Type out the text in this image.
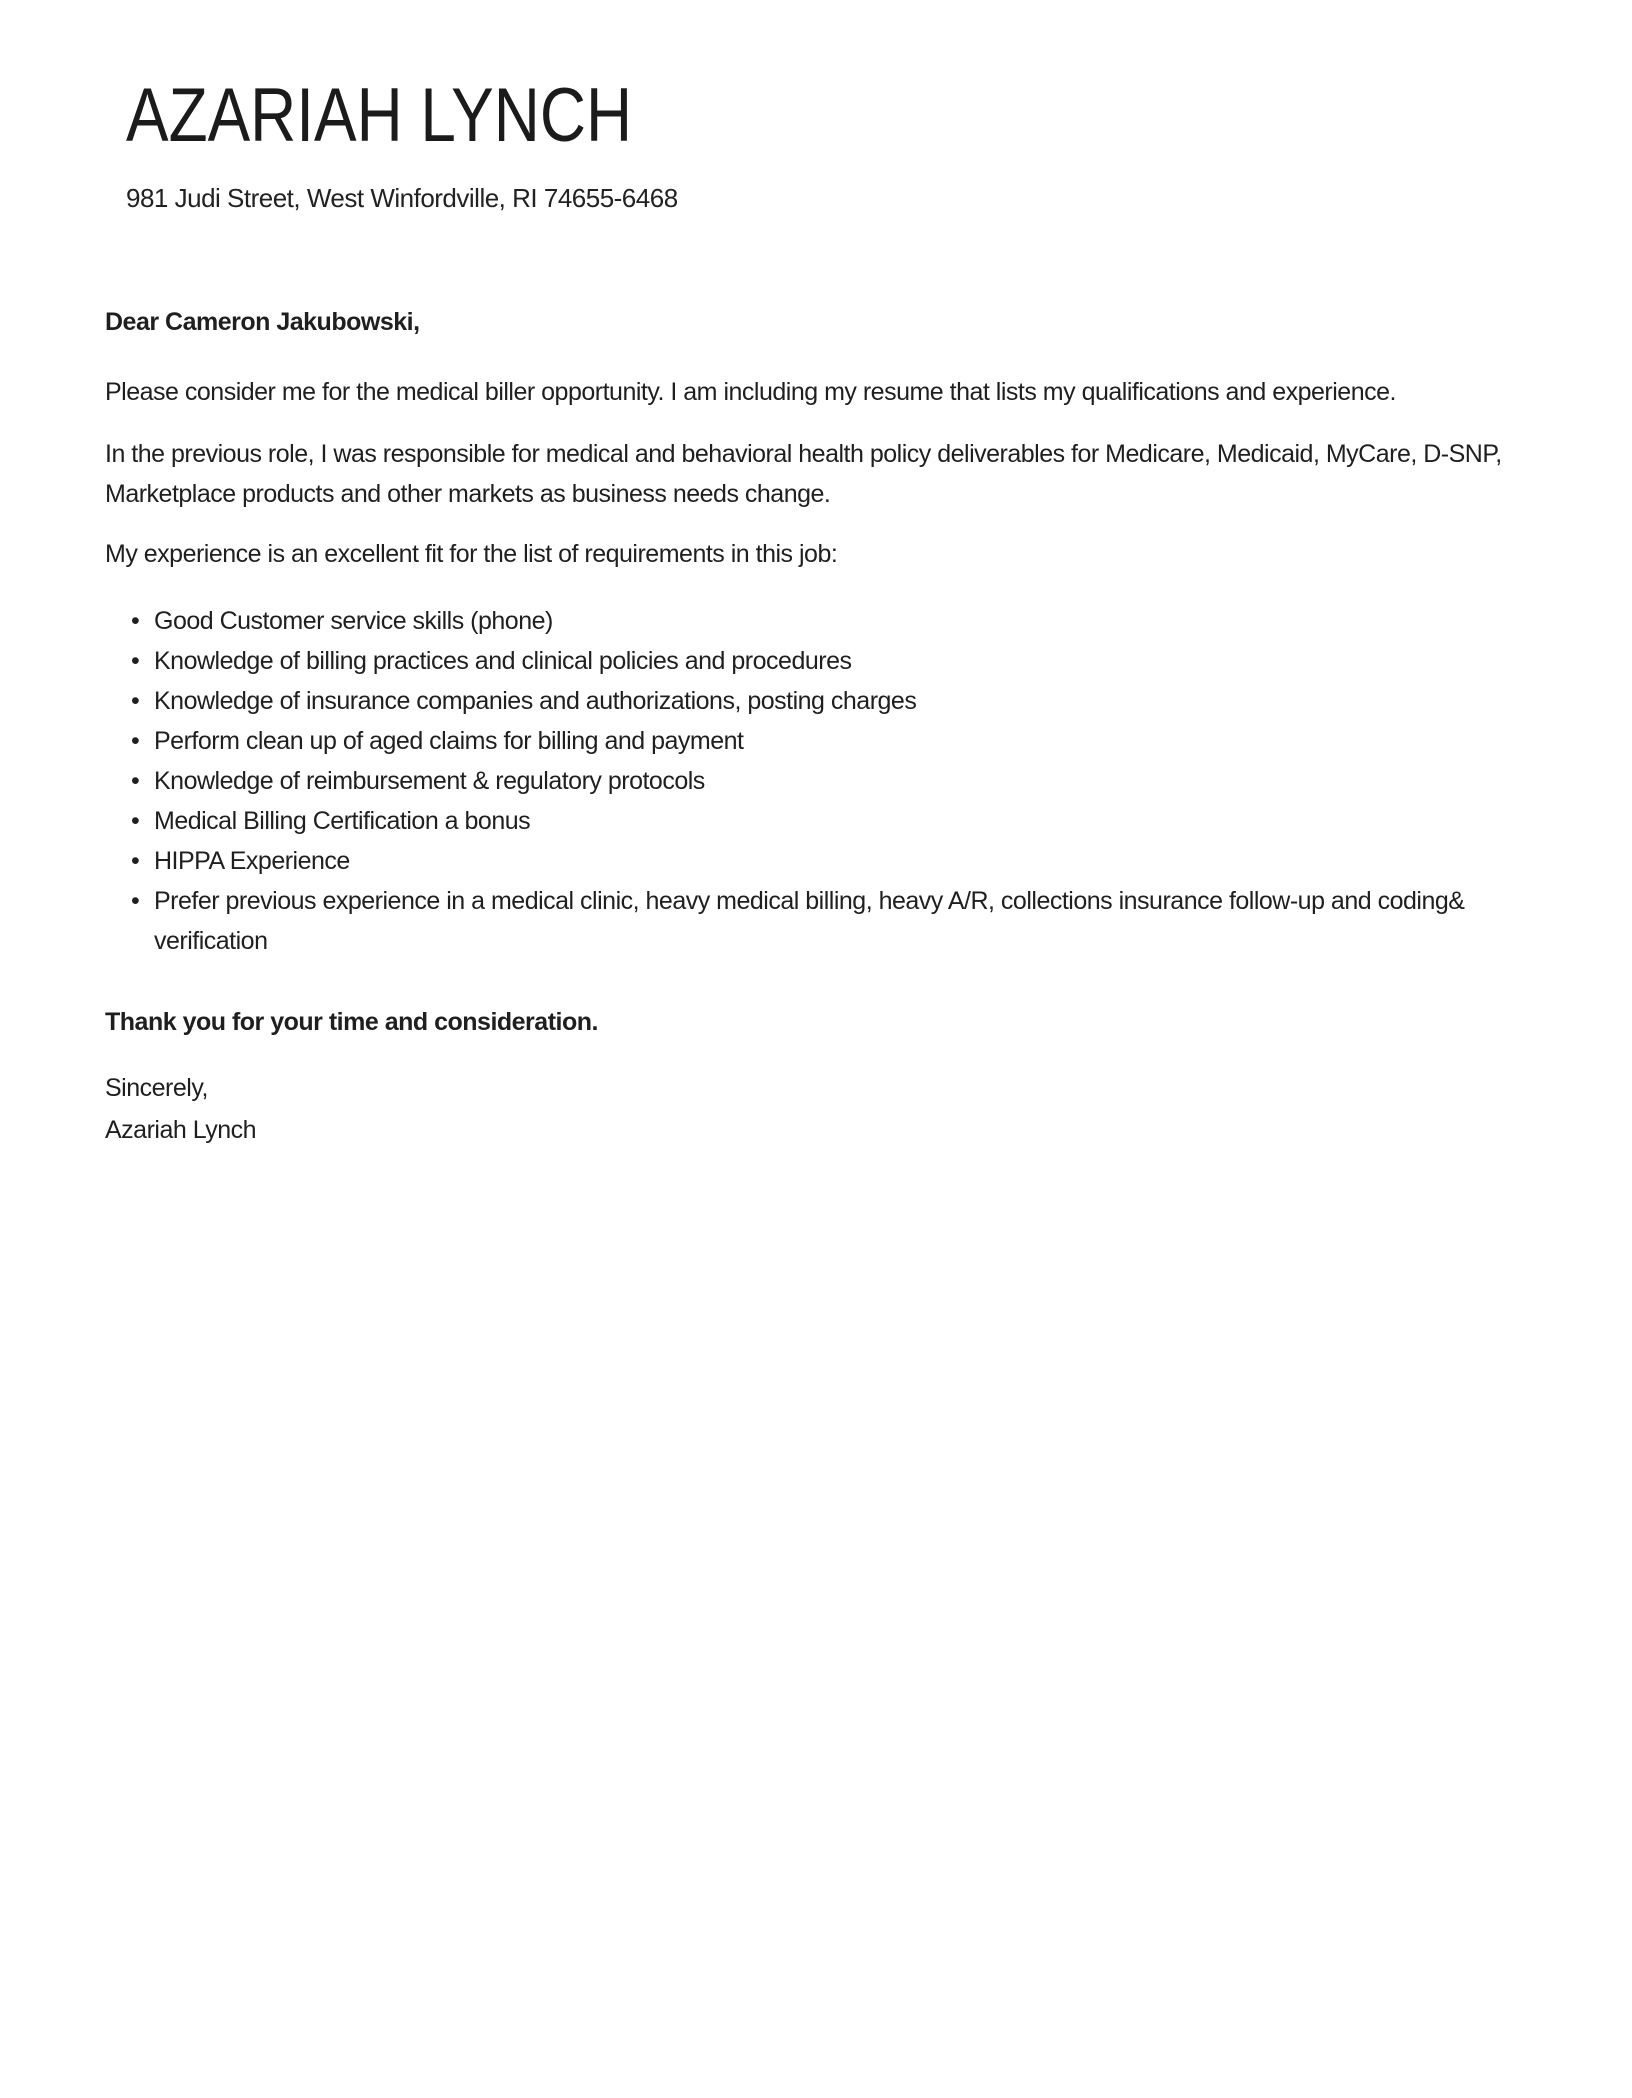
AZARIAH LYNCH

981 Judi Street, West Winfordville, RI 74655-6468

Dear Cameron Jakubowski,

Please consider me for the medical biller opportunity. I am including my resume that lists my qualifications and experience.

In the previous role, I was responsible for medical and behavioral health policy deliverables for Medicare, Medicaid, MyCare, D-SNP, Marketplace products and other markets as business needs change.

My experience is an excellent fit for the list of requirements in this job:

• Good Customer service skills (phone)
• Knowledge of billing practices and clinical policies and procedures
• Knowledge of insurance companies and authorizations, posting charges
• Perform clean up of aged claims for billing and payment
• Knowledge of reimbursement & regulatory protocols
• Medical Billing Certification a bonus
• HIPPA Experience
• Prefer previous experience in a medical clinic, heavy medical billing, heavy A/R, collections insurance follow-up and coding& verification

Thank you for your time and consideration.

Sincerely,

Azariah Lynch
